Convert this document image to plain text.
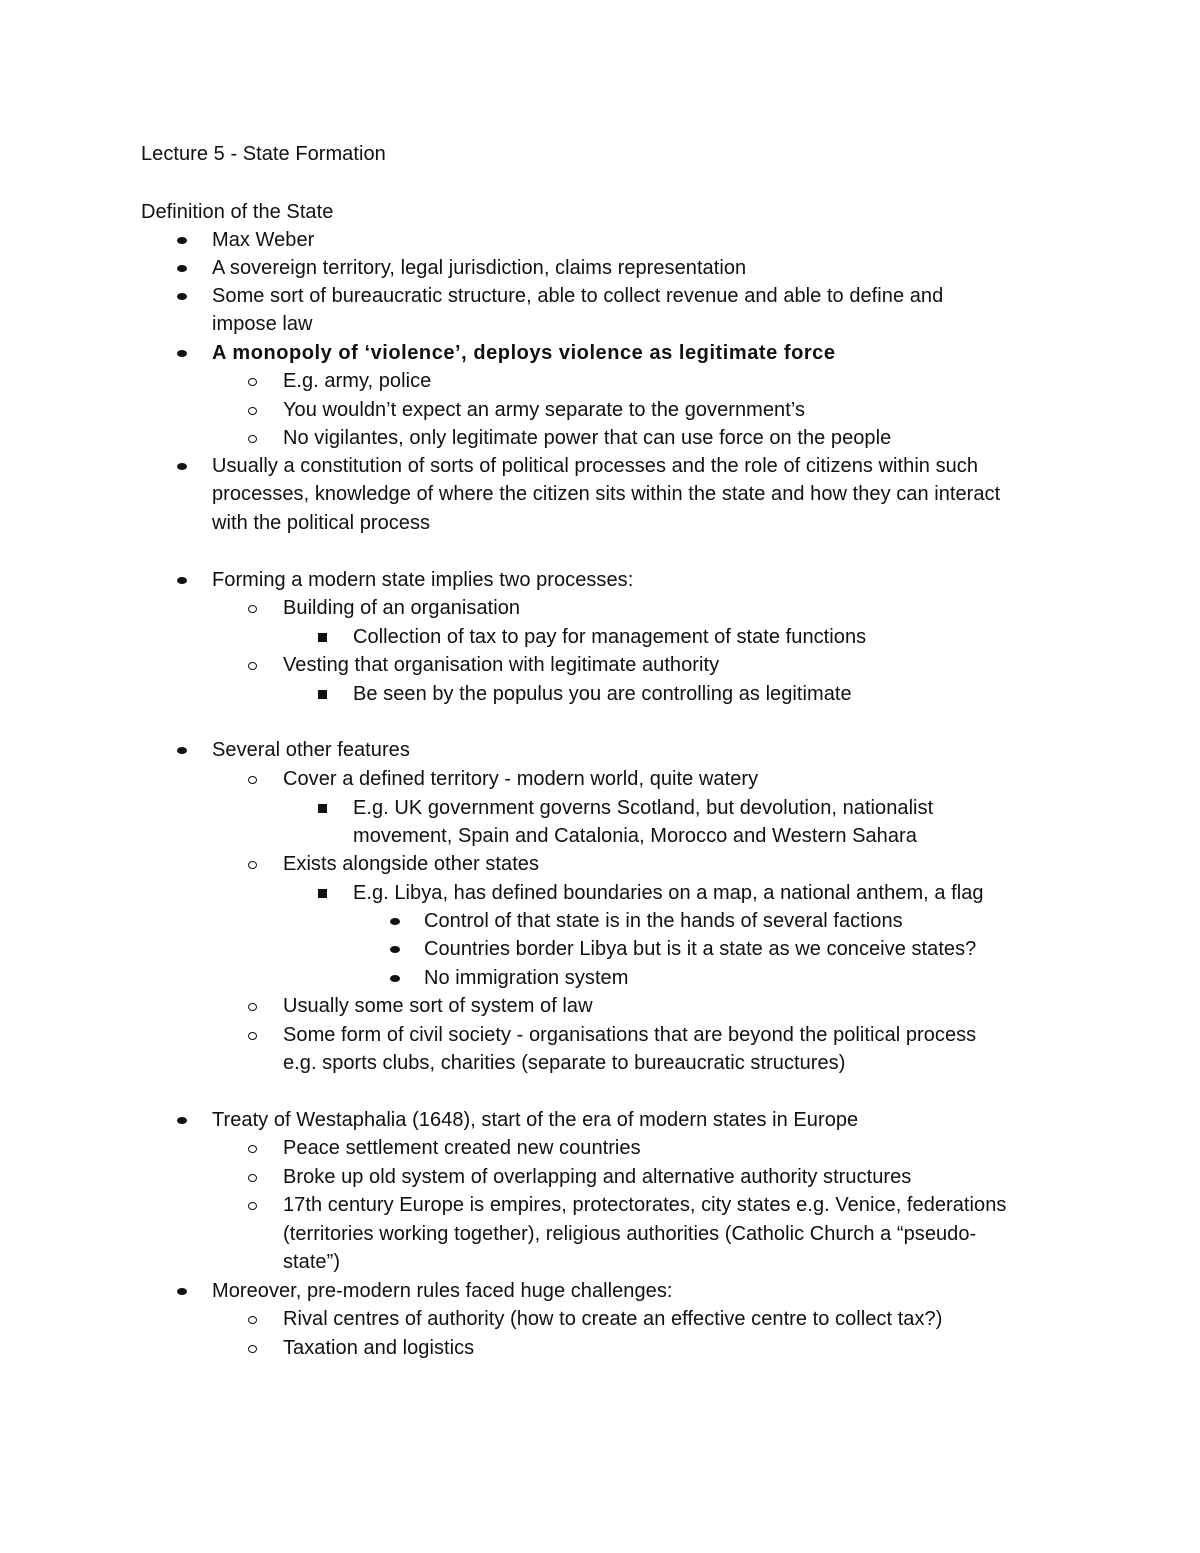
Lecture 5 - State Formation
Definition of the State
Max Weber
A sovereign territory, legal jurisdiction, claims representation
Some sort of bureaucratic structure, able to collect revenue and able to define and
impose law
A monopoly of ‘violence’, deploys violence as legitimate force
E.g. army, police
You wouldn’t expect an army separate to the government’s
No vigilantes, only legitimate power that can use force on the people
Usually a constitution of sorts of political processes and the role of citizens within such
processes, knowledge of where the citizen sits within the state and how they can interact
with the political process
Forming a modern state implies two processes:
Building of an organisation
Collection of tax to pay for management of state functions
Vesting that organisation with legitimate authority
Be seen by the populus you are controlling as legitimate
Several other features
Cover a defined territory - modern world, quite watery
E.g. UK government governs Scotland, but devolution, nationalist
movement, Spain and Catalonia, Morocco and Western Sahara
Exists alongside other states
E.g. Libya, has defined boundaries on a map, a national anthem, a flag
Control of that state is in the hands of several factions
Countries border Libya but is it a state as we conceive states?
No immigration system
Usually some sort of system of law
Some form of civil society - organisations that are beyond the political process
e.g. sports clubs, charities (separate to bureaucratic structures)
Treaty of Westaphalia (1648), start of the era of modern states in Europe
Peace settlement created new countries
Broke up old system of overlapping and alternative authority structures
17th century Europe is empires, protectorates, city states e.g. Venice, federations
(territories working together), religious authorities (Catholic Church a “pseudo-
state”)
Moreover, pre-modern rules faced huge challenges:
Rival centres of authority (how to create an effective centre to collect tax?)
Taxation and logistics
